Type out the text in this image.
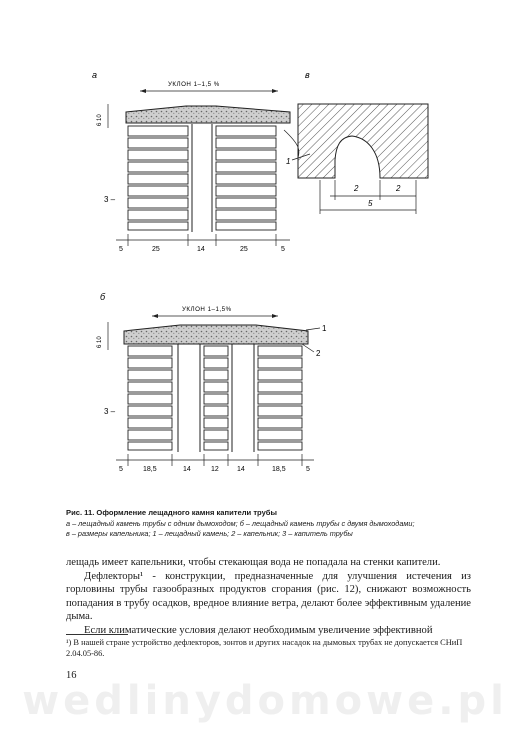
а
УКЛОН 1–1,5 %
6 10
3 –
5	25	14	25	5
в
1
2	2
5
б
УКЛОН 1–1,5%
6 10
1
2
3 –
5	18,5	14	12	14	18,5	5
Рис. 11. Оформление лещадного камня капители трубы
а – лещадный камень трубы с одним дымоходом; б – лещадный камень трубы с двумя дымоходами;
в – размеры капельника; 1 – лещадный камень; 2 – капельник; 3 – капитель трубы

лещадь имеет капельники, чтобы стекающая вода не попадала на стенки капители.

Дефлекторы¹ - конструкции, предназначенные для улучшения истечения из горловины трубы газообразных продуктов сгорания (рис. 12), снижают возможность попадания в трубу осадков, вредное влияние ветра, делают более эффективным удаление дыма.

Если климатические условия делают необходимым увеличение эффективной

¹) В нашей стране устройство дефлекторов, зонтов и других насадок на дымовых трубах не допускается СНиП 2.04.05-86.
16
wedlinydomowe.pl
